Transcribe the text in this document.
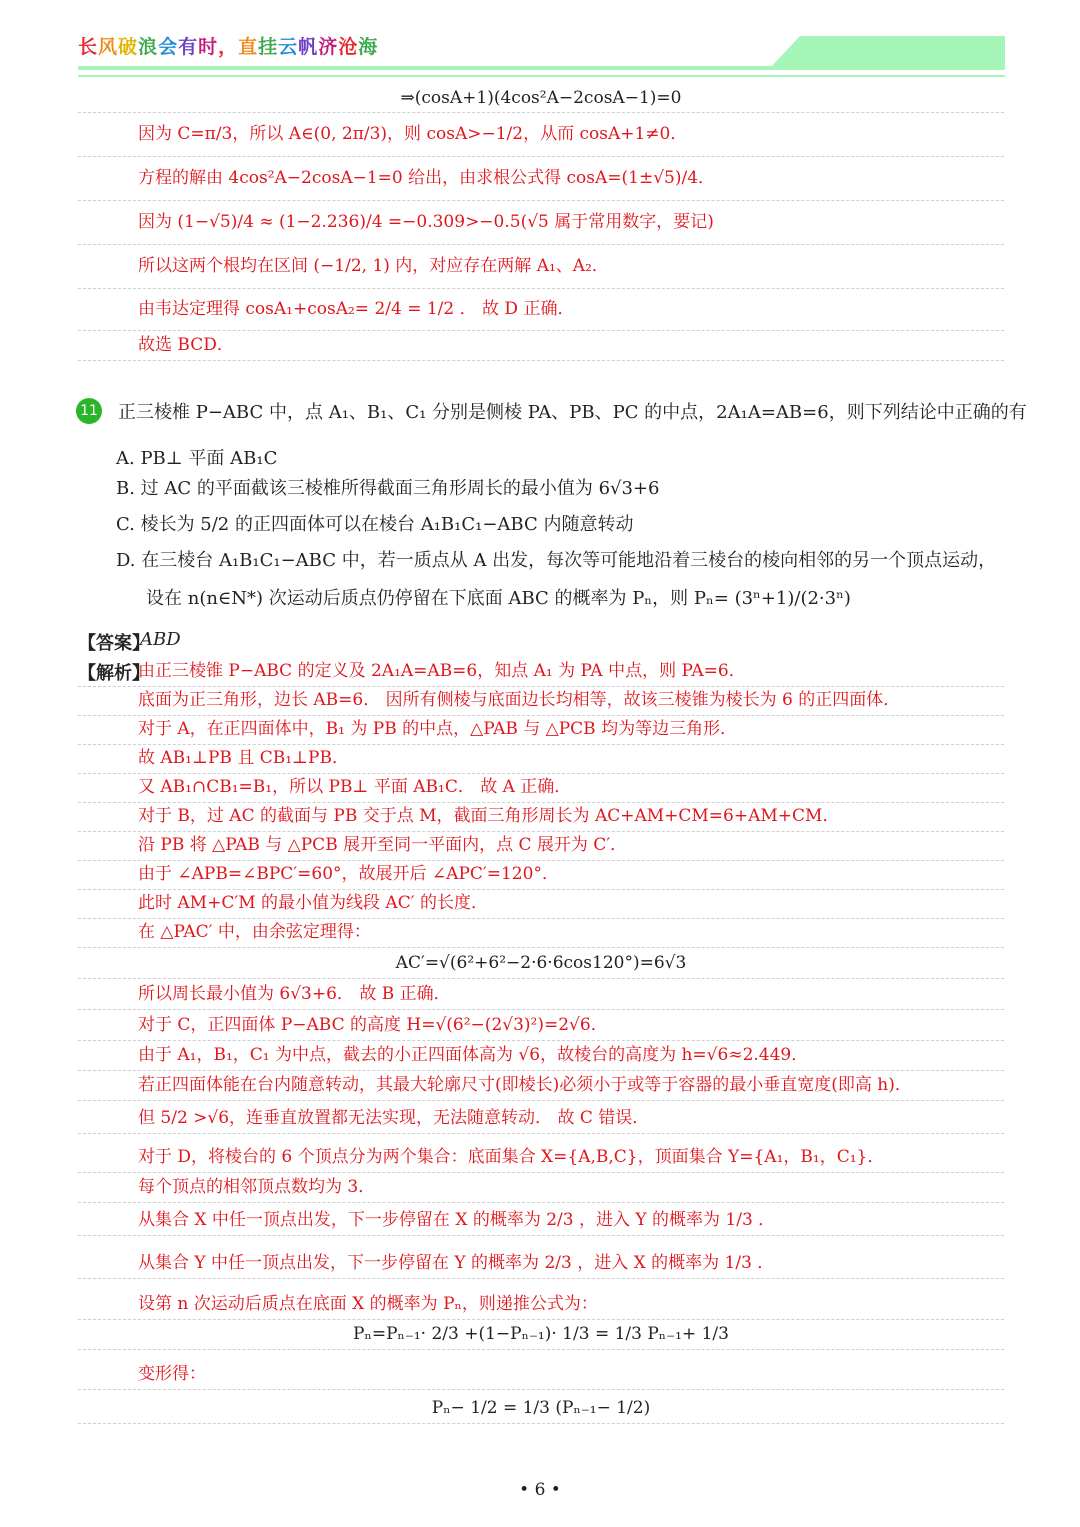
长风破浪会有时，直挂云帆济沧海
⇒(cosA+1)(4cos²A−2cosA−1)=0
因为 C=π/3，所以 A∈(0, 2π/3)，则 cosA>−1/2，从而 cosA+1≠0．
方程的解由 4cos²A−2cosA−1=0 给出，由求根公式得 cosA=(1±√5)/4．
因为 (1−√5)/4 ≈ (1−2.236)/4 =−0.309>−0.5(√5 属于常用数字，要记)
所以这两个根均在区间 (−1/2, 1) 内，对应存在两解 A₁、A₂．
由韦达定理得 cosA₁+cosA₂= 2/4 = 1/2 ． 故 D 正确．
故选 BCD．
11 正三棱椎 P−ABC 中，点 A₁、B₁、C₁ 分别是侧棱 PA、PB、PC 的中点，2A₁A=AB=6，则下列结论中正确的有
A. PB⊥ 平面 AB₁C
B. 过 AC 的平面截该三棱椎所得截面三角形周长的最小值为 6√3+6
C. 棱长为 5/2 的正四面体可以在棱台 A₁B₁C₁−ABC 内随意转动
D. 在三棱台 A₁B₁C₁−ABC 中，若一质点从 A 出发，每次等可能地沿着三棱台的棱向相邻的另一个顶点运动，
设在 n(n∈N*) 次运动后质点仍停留在下底面 ABC 的概率为 Pₙ，则 Pₙ= (3ⁿ+1)/(2·3ⁿ)
【答案】
ABD
【解析】
由正三棱锥 P−ABC 的定义及 2A₁A=AB=6，知点 A₁ 为 PA 中点，则 PA=6．
底面为正三角形，边长 AB=6． 因所有侧棱与底面边长均相等，故该三棱锥为棱长为 6 的正四面体．
对于 A，在正四面体中，B₁ 为 PB 的中点，△PAB 与 △PCB 均为等边三角形．
故 AB₁⊥PB 且 CB₁⊥PB．
又 AB₁∩CB₁=B₁，所以 PB⊥ 平面 AB₁C． 故 A 正确．
对于 B，过 AC 的截面与 PB 交于点 M，截面三角形周长为 AC+AM+CM=6+AM+CM．
沿 PB 将 △PAB 与 △PCB 展开至同一平面内，点 C 展开为 C′．
由于 ∠APB=∠BPC′=60°，故展开后 ∠APC′=120°．
此时 AM+C′M 的最小值为线段 AC′ 的长度．
在 △PAC′ 中，由余弦定理得：
AC′=√(6²+6²−2·6·6cos120°)=6√3
所以周长最小值为 6√3+6． 故 B 正确．
对于 C，正四面体 P−ABC 的高度 H=√(6²−(2√3)²)=2√6．
由于 A₁，B₁，C₁ 为中点，截去的小正四面体高为 √6，故棱台的高度为 h=√6≈2.449．
若正四面体能在台内随意转动，其最大轮廓尺寸(即棱长)必须小于或等于容器的最小垂直宽度(即高 h)．
但 5/2 >√6，连垂直放置都无法实现，无法随意转动． 故 C 错误．
对于 D，将棱台的 6 个顶点分为两个集合：底面集合 X={A,B,C}，顶面集合 Y={A₁，B₁，C₁}．
每个顶点的相邻顶点数均为 3．
从集合 X 中任一顶点出发，下一步停留在 X 的概率为 2/3 ，进入 Y 的概率为 1/3 ．
从集合 Y 中任一顶点出发，下一步停留在 Y 的概率为 2/3 ，进入 X 的概率为 1/3 ．
设第 n 次运动后质点在底面 X 的概率为 Pₙ，则递推公式为：
Pₙ=Pₙ₋₁· 2/3 +(1−Pₙ₋₁)· 1/3 = 1/3 Pₙ₋₁+ 1/3
变形得：
Pₙ− 1/2 = 1/3 (Pₙ₋₁− 1/2)
• 6 •
